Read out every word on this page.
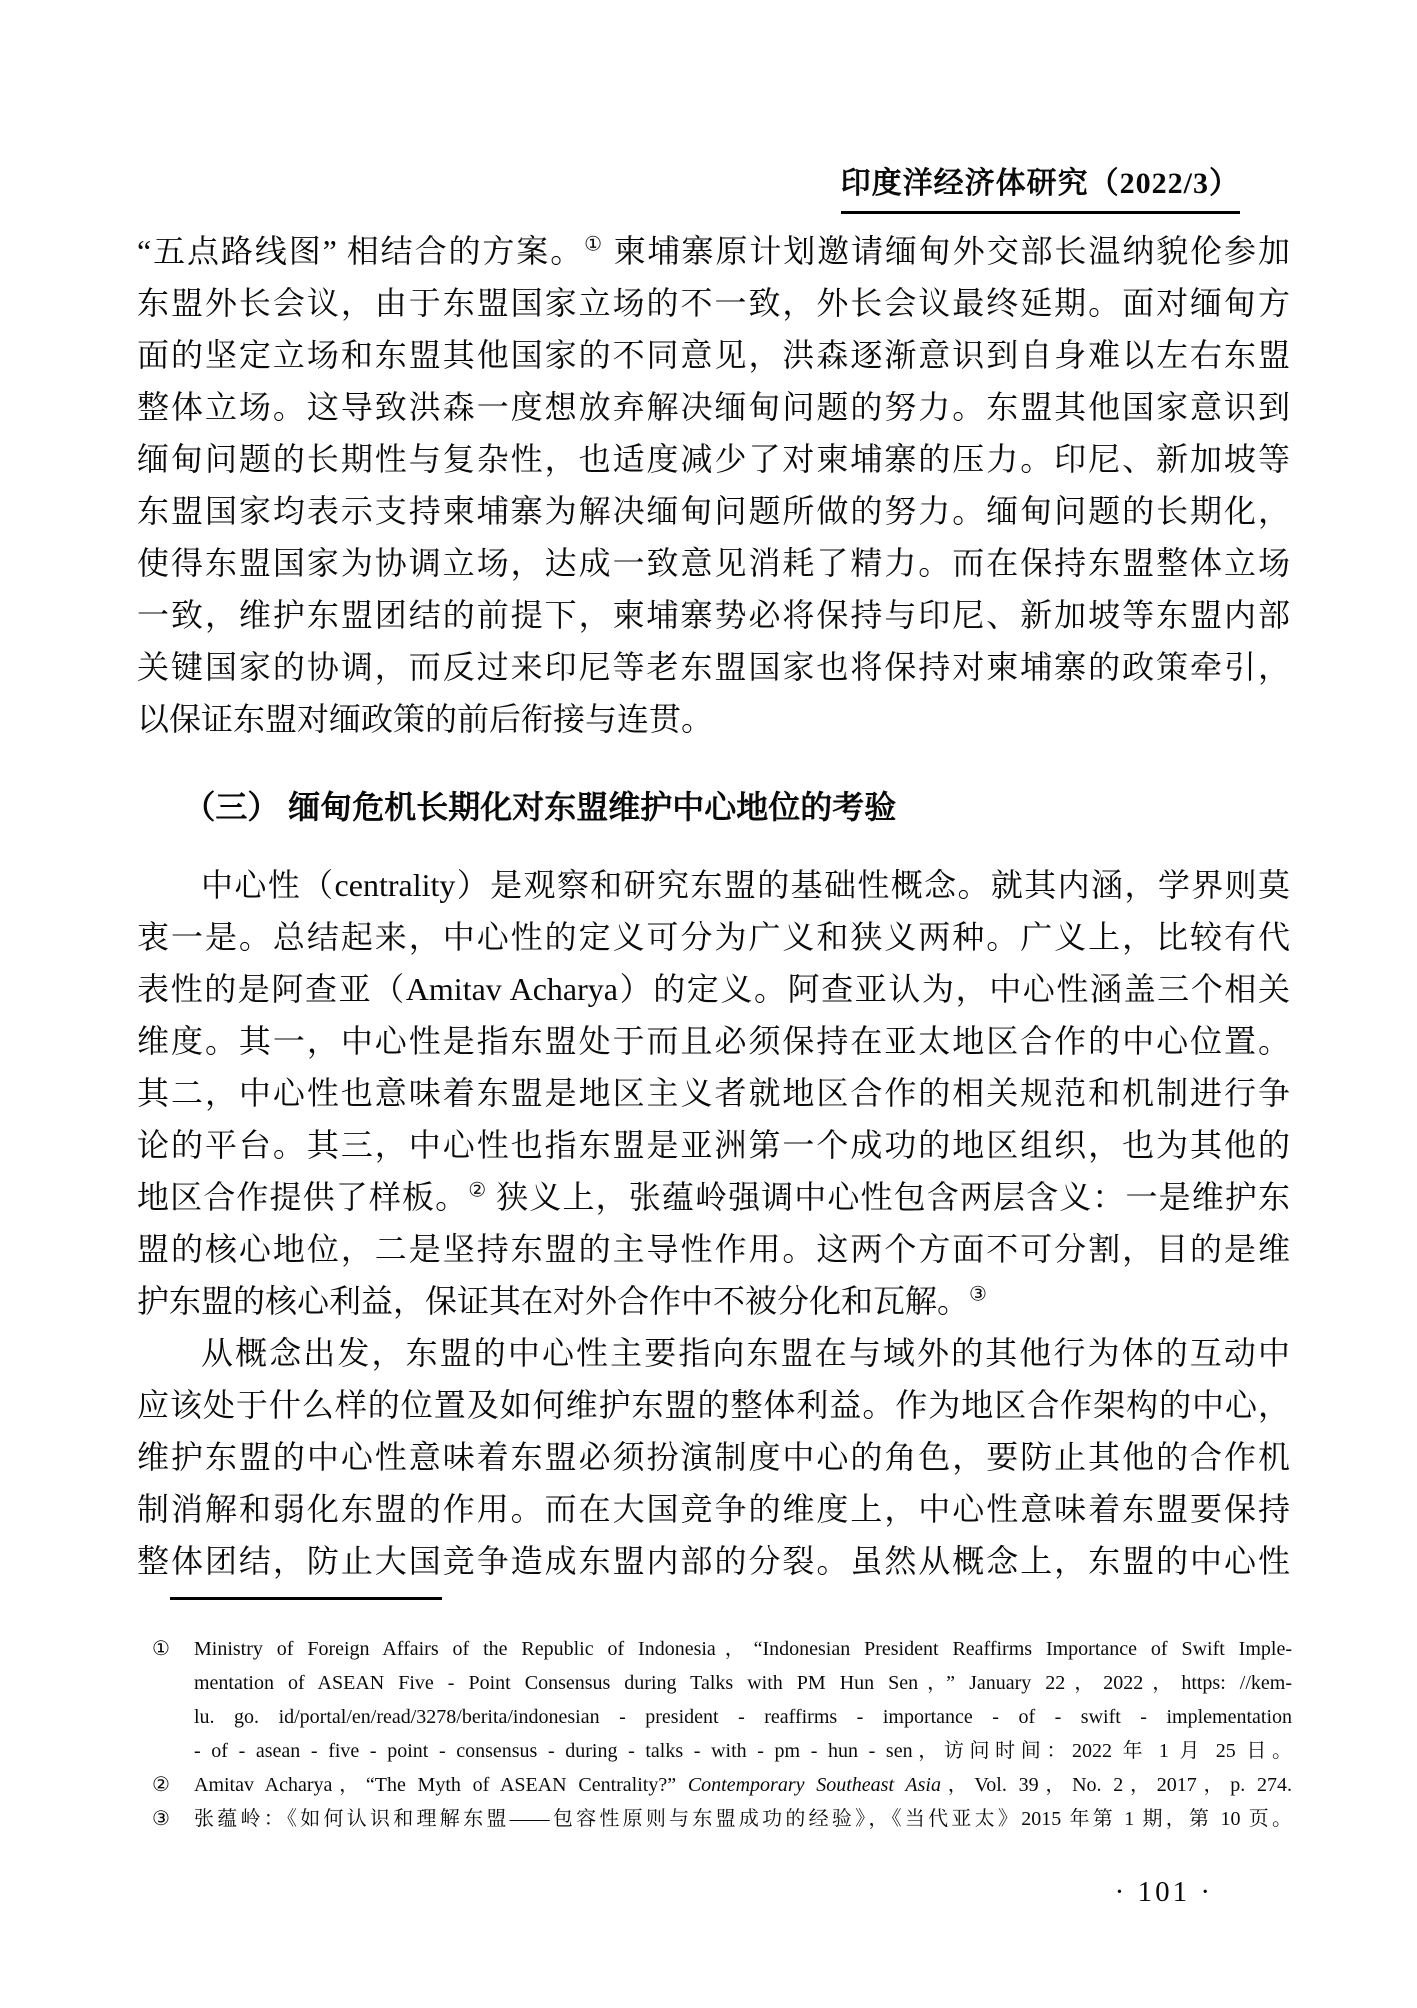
印度洋经济体研究（2022/3）
“五点路线图” 相结合的方案。① 柬埔寨原计划邀请缅甸外交部长温纳貌伦参加
东盟外长会议，由于东盟国家立场的不一致，外长会议最终延期。面对缅甸方
面的坚定立场和东盟其他国家的不同意见，洪森逐渐意识到自身难以左右东盟
整体立场。这导致洪森一度想放弃解决缅甸问题的努力。东盟其他国家意识到
缅甸问题的长期性与复杂性，也适度减少了对柬埔寨的压力。印尼、新加坡等
东盟国家均表示支持柬埔寨为解决缅甸问题所做的努力。缅甸问题的长期化，
使得东盟国家为协调立场，达成一致意见消耗了精力。而在保持东盟整体立场
一致，维护东盟团结的前提下，柬埔寨势必将保持与印尼、新加坡等东盟内部
关键国家的协调，而反过来印尼等老东盟国家也将保持对柬埔寨的政策牵引，
以保证东盟对缅政策的前后衔接与连贯。
（三） 缅甸危机长期化对东盟维护中心地位的考验
中心性（centrality）是观察和研究东盟的基础性概念。就其内涵，学界则莫
衷一是。总结起来，中心性的定义可分为广义和狭义两种。广义上，比较有代
表性的是阿查亚（Amitav Acharya）的定义。阿查亚认为，中心性涵盖三个相关
维度。其一，中心性是指东盟处于而且必须保持在亚太地区合作的中心位置。
其二，中心性也意味着东盟是地区主义者就地区合作的相关规范和机制进行争
论的平台。其三，中心性也指东盟是亚洲第一个成功的地区组织，也为其他的
地区合作提供了样板。② 狭义上，张蕴岭强调中心性包含两层含义：一是维护东
盟的核心地位，二是坚持东盟的主导性作用。这两个方面不可分割，目的是维
护东盟的核心利益，保证其在对外合作中不被分化和瓦解。③
从概念出发，东盟的中心性主要指向东盟在与域外的其他行为体的互动中
应该处于什么样的位置及如何维护东盟的整体利益。作为地区合作架构的中心，
维护东盟的中心性意味着东盟必须扮演制度中心的角色，要防止其他的合作机
制消解和弱化东盟的作用。而在大国竞争的维度上，中心性意味着东盟要保持
整体团结，防止大国竞争造成东盟内部的分裂。虽然从概念上，东盟的中心性
①	Ministry of Foreign Affairs of the Republic of Indonesia，“Indonesian President Reaffirms Importance of Swift Imple-
mentation of ASEAN Five - Point Consensus during Talks with PM Hun Sen，” January 22，2022，https: //kem-
lu. go. id/portal/en/read/3278/berita/indonesian - president - reaffirms - importance - of - swift - implementation
- of - asean - five - point - consensus - during - talks - with - pm - hun - sen，访问时间：2022 年 1 月 25 日。
②	Amitav Acharya，“The Myth of ASEAN Centrality?” Contemporary Southeast Asia，Vol. 39，No. 2，2017，p. 274.
③	张蕴岭：《如何认识和理解东盟——包容性原则与东盟成功的经验》，《当代亚太》2015 年第 1 期，第 10 页。
· 101 ·
